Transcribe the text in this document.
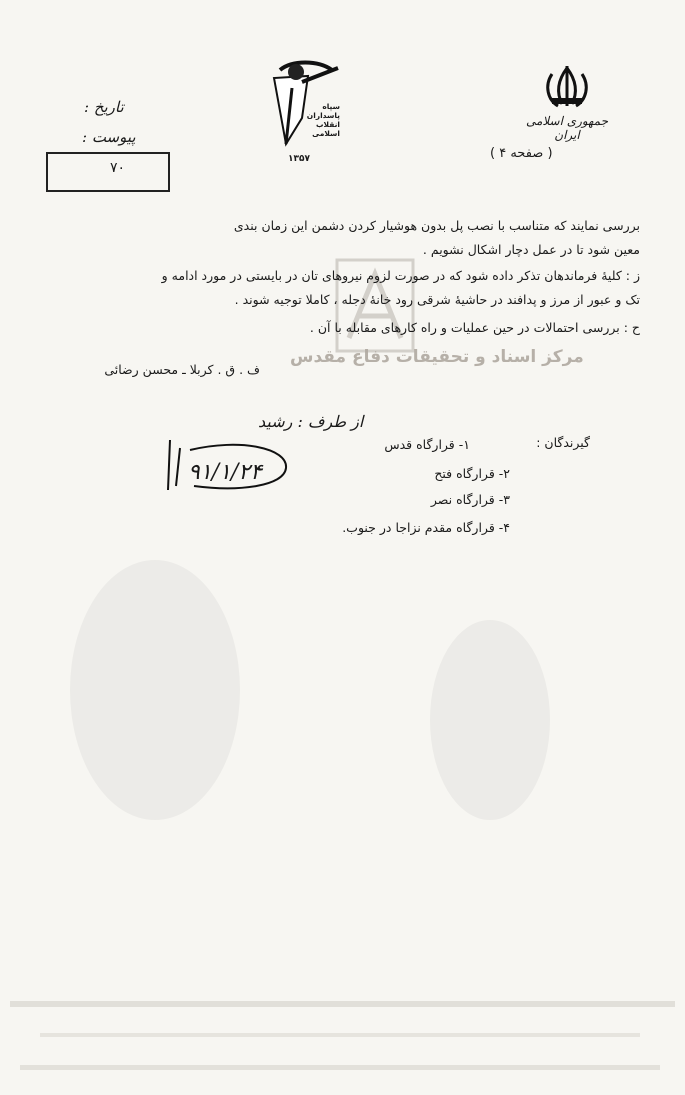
جمهوری اسلامی ایران
سپاه پاسداران انقلاب اسلامی
۱۳۵۷
تاریخ :
پیوست :
۷۰
( صفحه ۴ )
مرکز اسناد و تحقیقات دفاع مقدس
بررسی نمایند که متناسب با نصب پل بدون هوشیار کردن دشمن این زمان بندی
معین شود تا در عمل دچار اشکال نشویم .
ز : کلیهٔ فرماندهان تذکر داده شود که در صورت لزوم نیروهای تان در بایستی در مورد ادامه و
تک و عبور از مرز و پدافند در حاشیهٔ شرقی رود خانهٔ دجله ، کاملا توجیه شوند .
ح : بررسی احتمالات در حین عملیات و راه کارهای مقابله با آن .
ف . ق . کربلا ـ محسن رضائی
از طرف : رشید
۹۱/۱/۲۴
گیرندگان :
۱- قرارگاه قدس
۲- قرارگاه فتح
۳- قرارگاه نصر
۴- قرارگاه مقدم نزاجا در جنوب.
